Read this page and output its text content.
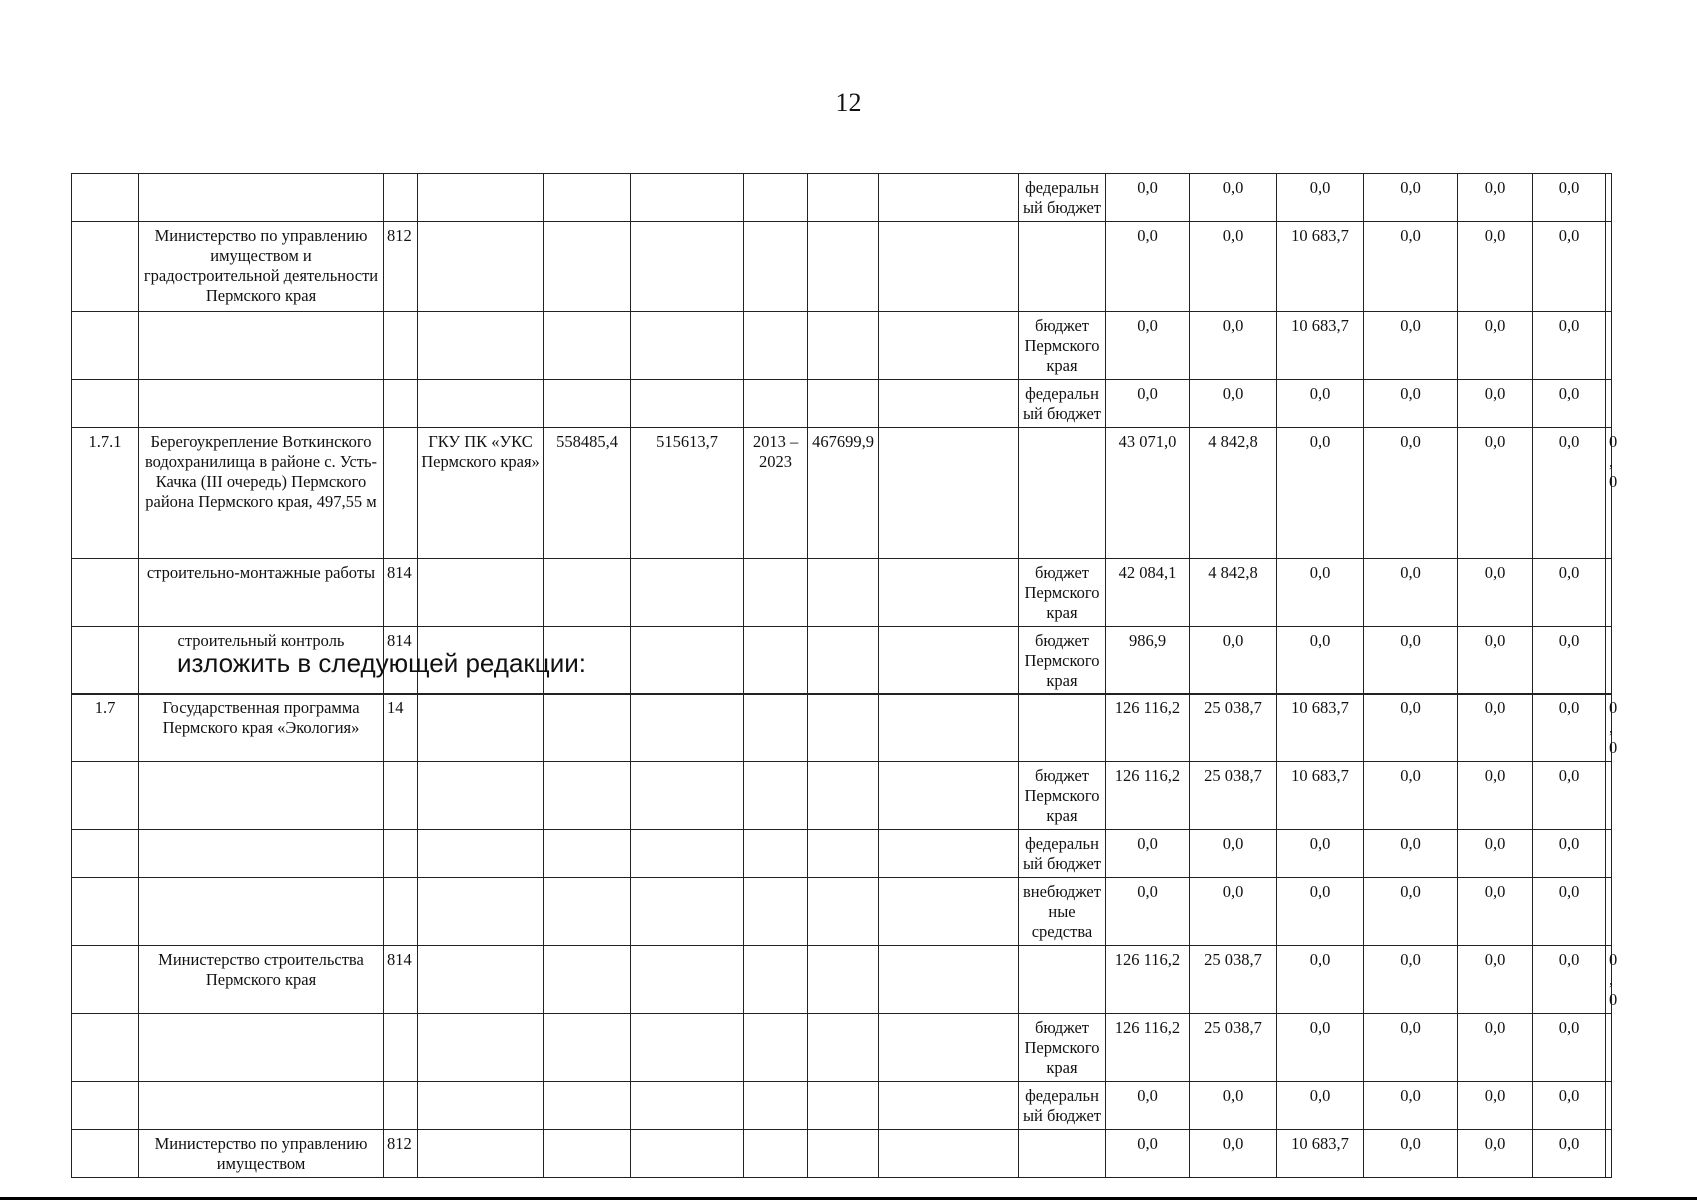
12
									федеральный бюджет	0,0	0,0	0,0	0,0	0,0	0,0	
	Министерство по управлению имуществом и градостроительной деятельности Пермского края	812								0,0	0,0	10 683,7	0,0	0,0	0,0	
									бюджет Пермского края	0,0	0,0	10 683,7	0,0	0,0	0,0	
									федеральный бюджет	0,0	0,0	0,0	0,0	0,0	0,0	
1.7.1	Берегоукрепление Воткинского водохранилища в районе с. Усть-Качка (III очередь) Пермского района Пермского края, 497,55 м		ГКУ ПК «УКС Пермского края»	558485,4	515613,7	2013 – 2023	467699,9			43 071,0	4 842,8	0,0	0,0	0,0	0,0	0,0
	строительно-монтажные работы	814							бюджет Пермского края	42 084,1	4 842,8	0,0	0,0	0,0	0,0	
	строительный контроль	814							бюджет Пермского края	986,9	0,0	0,0	0,0	0,0	0,0	
изложить в следующей редакции:
1.7	Государственная программа Пермского края «Экология»	14								126 116,2	25 038,7	10 683,7	0,0	0,0	0,0	0,0
									бюджет Пермского края	126 116,2	25 038,7	10 683,7	0,0	0,0	0,0	
									федеральный бюджет	0,0	0,0	0,0	0,0	0,0	0,0	
									внебюджетные средства	0,0	0,0	0,0	0,0	0,0	0,0	
	Министерство строительства Пермского края	814								126 116,2	25 038,7	0,0	0,0	0,0	0,0	0,0
									бюджет Пермского края	126 116,2	25 038,7	0,0	0,0	0,0	0,0	
									федеральный бюджет	0,0	0,0	0,0	0,0	0,0	0,0	
	Министерство по управлению имуществом	812								0,0	0,0	10 683,7	0,0	0,0	0,0	
